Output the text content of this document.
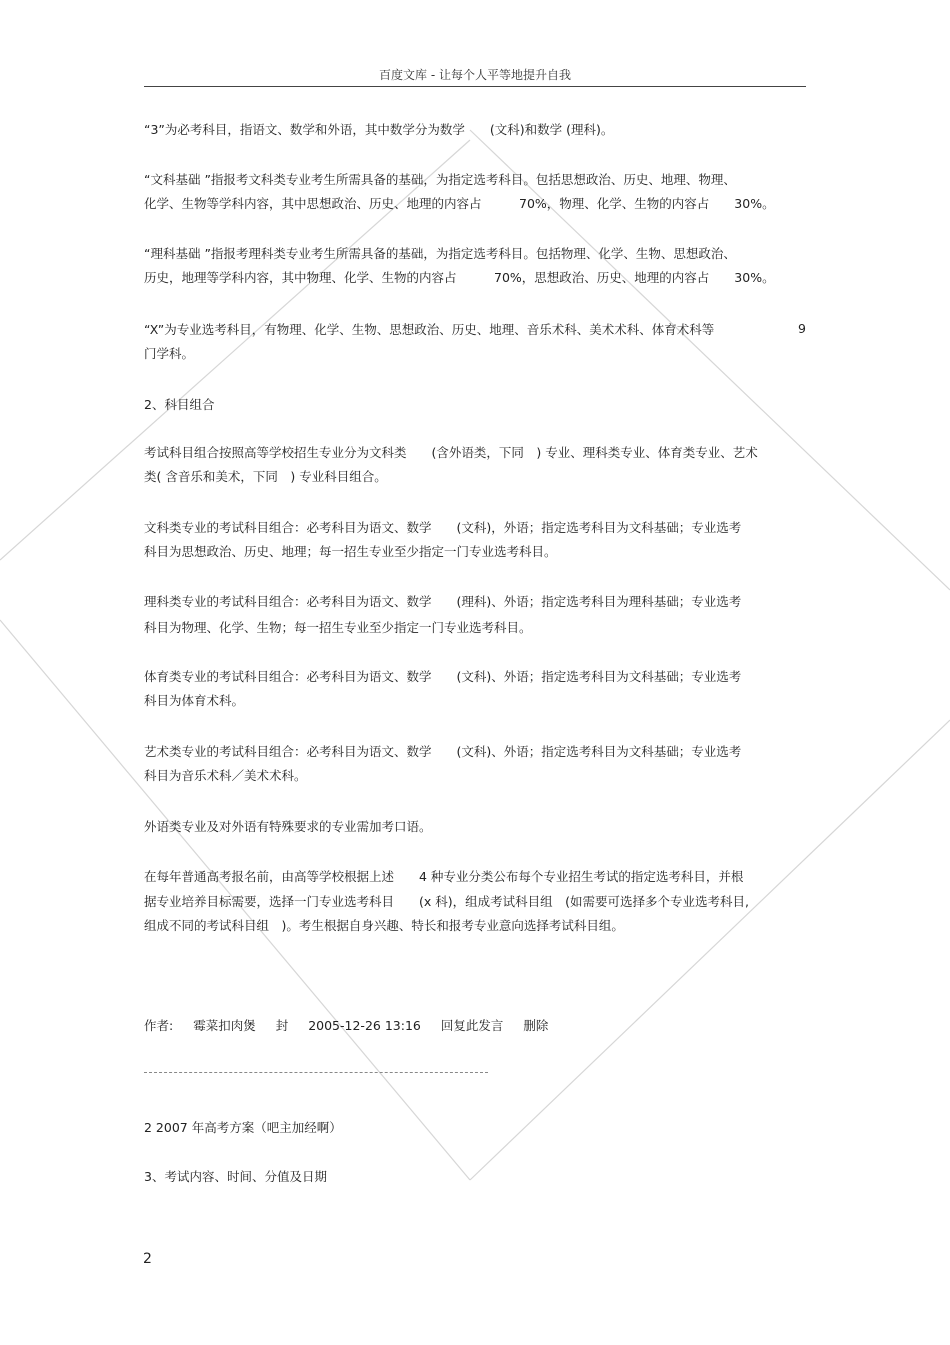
百度文库 - 让每个人平等地提升自我
“3”为必考科目，指语文、数学和外语，其中数学分为数学　　(文科)和数学 (理科)。
“文科基础 ”指报考文科类专业考生所需具备的基础，为指定选考科目。包括思想政治、历史、地理、物理、
化学、生物等学科内容，其中思想政治、历史、地理的内容占　　　70%，物理、化学、生物的内容占　　30%。
“理科基础 ”指报考理科类专业考生所需具备的基础，为指定选考科目。包括物理、化学、生物、思想政治、
历史，地理等学科内容，其中物理、化学、生物的内容占　　　70%，思想政治、历史、地理的内容占　　30%。
“X”为专业选考科目，有物理、化学、生物、思想政治、历史、地理、音乐术科、美术术科、体育术科等	9
门学科。
2、科目组合
考试科目组合按照高等学校招生专业分为文科类　　(含外语类，下同　) 专业、理科类专业、体育类专业、艺术
类( 含音乐和美术，下同　) 专业科目组合。
文科类专业的考试科目组合：必考科目为语文、数学　　(文科)，外语；指定选考科目为文科基础；专业选考
科目为思想政治、历史、地理；每一招生专业至少指定一门专业选考科目。
理科类专业的考试科目组合：必考科目为语文、数学　　(理科)、外语；指定选考科目为理科基础；专业选考
科目为物理、化学、生物；每一招生专业至少指定一门专业选考科目。
体育类专业的考试科目组合：必考科目为语文、数学　　(文科)、外语；指定选考科目为文科基础；专业选考
科目为体育术科。
艺术类专业的考试科目组合：必考科目为语文、数学　　(文科)、外语；指定选考科目为文科基础；专业选考
科目为音乐术科／美术术科。
外语类专业及对外语有特殊要求的专业需加考口语。
在每年普通高考报名前，由高等学校根据上述　　4 种专业分类公布每个专业招生考试的指定选考科目，并根
据专业培养目标需要，选择一门专业选考科目　　(x 科)，组成考试科目组　(如需要可选择多个专业选考科目,
组成不同的考试科目组　)。考生根据自身兴趣、特长和报考专业意向选择考试科目组。
作者: 霉菜扣肉煲 封 2005-12-26 13:16 回复此发言 删除
2 2007 年高考方案（吧主加经啊）
3、考试内容、时间、分值及日期
2
